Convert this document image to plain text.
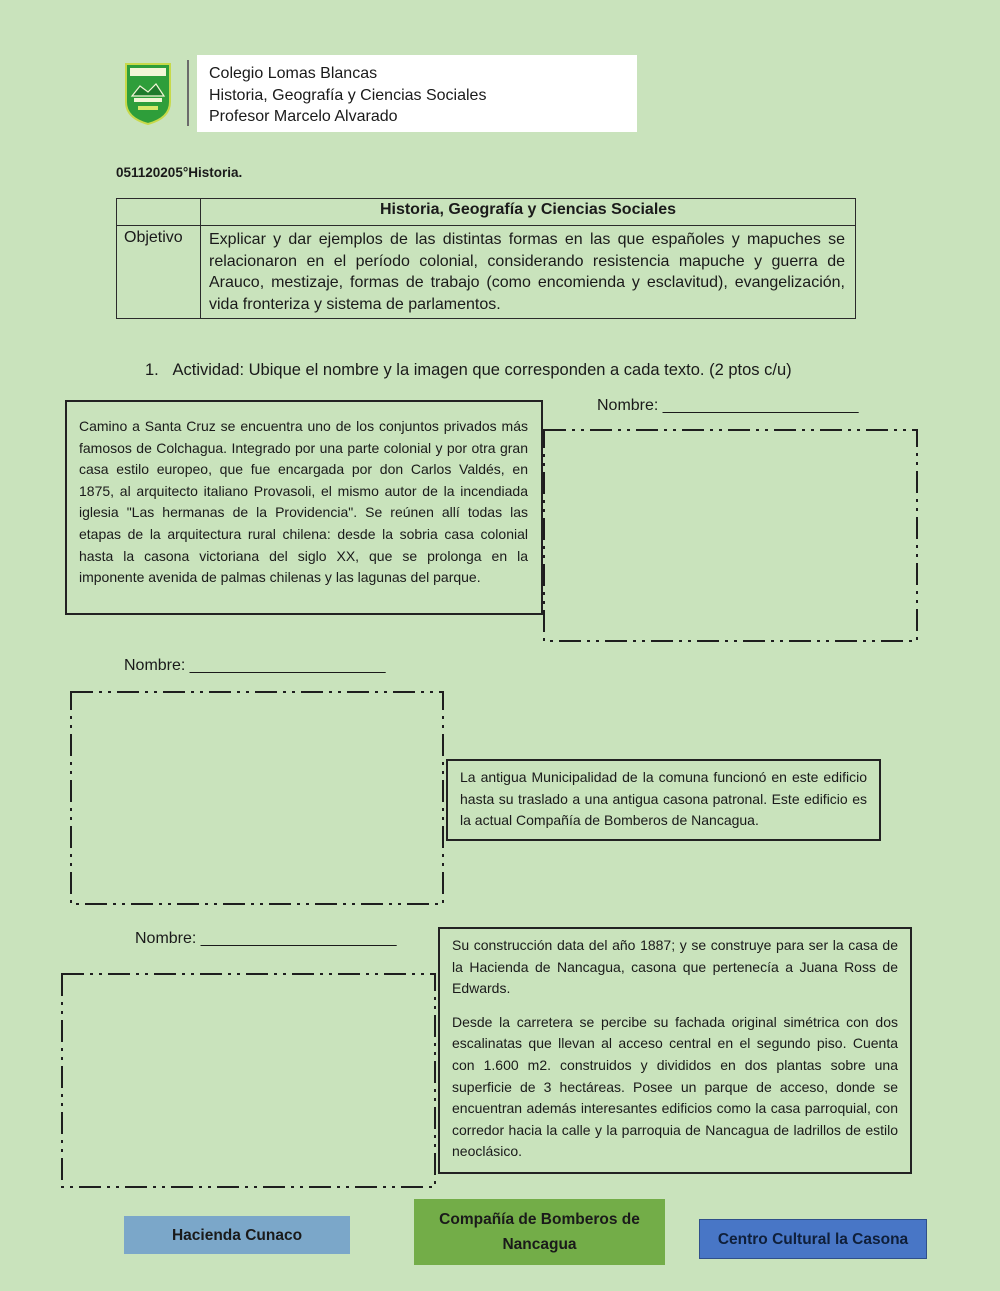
Colegio Lomas Blancas
Historia, Geografía y Ciencias Sociales
Profesor Marcelo Alvarado
051120205°Historia.
	Historia, Geografía y Ciencias Sociales
Objetivo	Explicar y dar ejemplos de las distintas formas en las que españoles y mapuches se relacionaron en el período colonial, considerando resistencia mapuche y guerra de Arauco, mestizaje, formas de trabajo (como encomienda y esclavitud), evangelización, vida fronteriza y sistema de parlamentos.
1.   Actividad: Ubique el nombre y la imagen que corresponden a cada texto. (2 ptos c/u)
Nombre: ______________________

Camino a Santa Cruz se encuentra uno de los conjuntos privados más famosos de Colchagua. Integrado por una parte colonial y por otra gran casa estilo europeo, que fue encargada por don Carlos Valdés, en 1875, al arquitecto italiano Provasoli, el mismo autor de la incendiada iglesia "Las hermanas de la Providencia". Se reúnen allí todas las etapas de la arquitectura rural chilena: desde la sobria casa colonial hasta la casona victoriana del siglo XX, que se prolonga en la imponente avenida de palmas chilenas y las lagunas del parque.

Nombre: ______________________

La antigua Municipalidad de la comuna funcionó en este edificio hasta su traslado a una antigua casona patronal. Este edificio es la actual Compañía de Bomberos de Nancagua.

Nombre: ______________________	Su construcción data del año 1887; y se construye para ser la casa de la Hacienda de Nancagua, casona que pertenecía a Juana Ross de Edwards.

Desde la carretera se percibe su fachada original simétrica con dos escalinatas que llevan al acceso central en el segundo piso. Cuenta con 1.600 m2. construidos y divididos en dos plantas sobre una superficie de 3 hectáreas. Posee un parque de acceso, donde se encuentran además interesantes edificios como la casa parroquial, con corredor hacia la calle y la parroquia de Nancagua de ladrillos de estilo neoclásico.

Hacienda Cunaco
Compañía de Bomberos de Nancagua	Centro Cultural la Casona
